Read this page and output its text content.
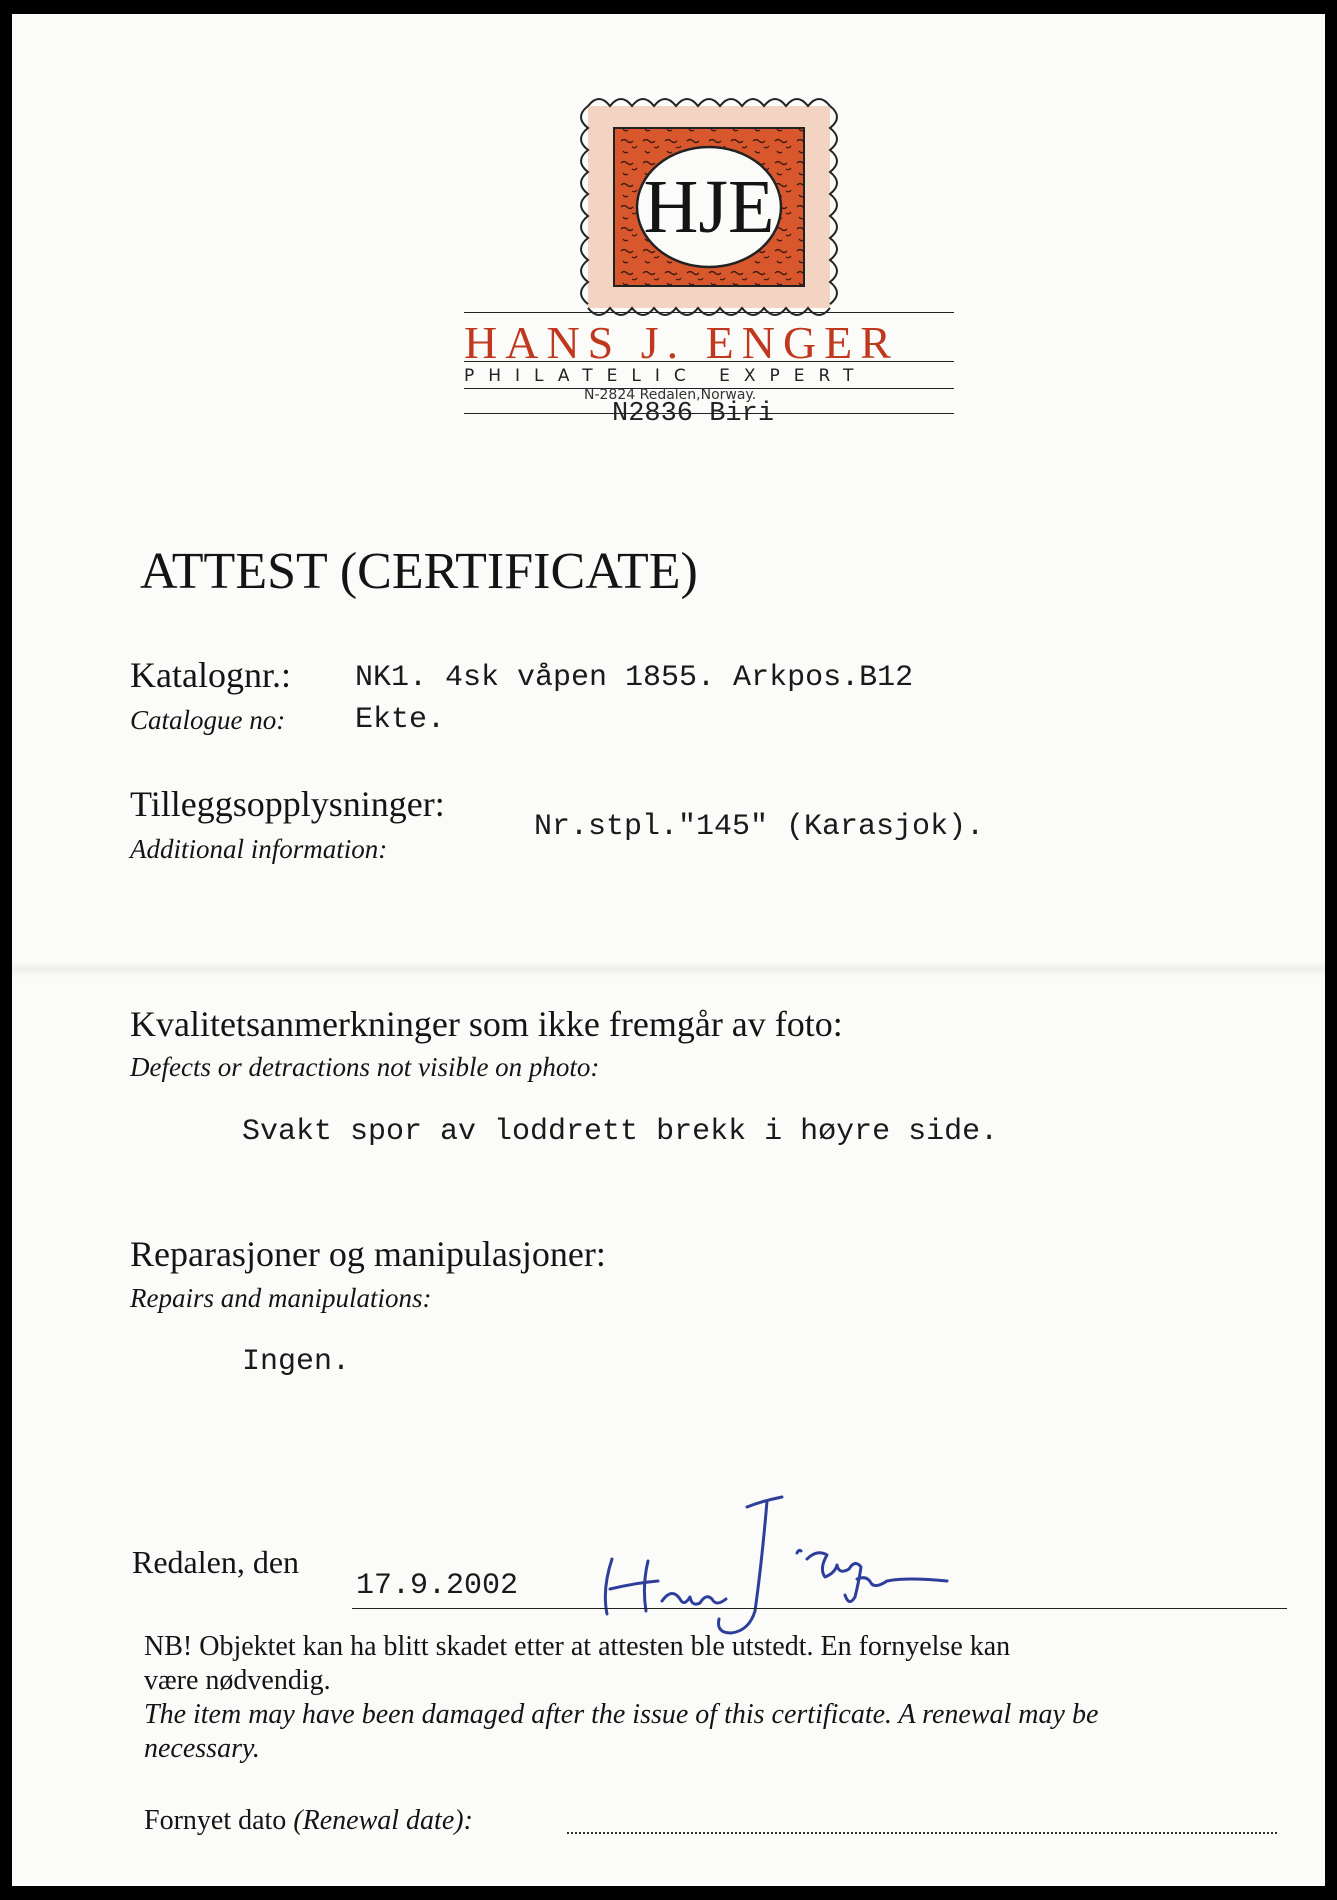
HJE
HANS J. ENGER
PHILATELIC EXPERT
N-2824 Redalen,Norway.
N2836 Biri
ATTEST (CERTIFICATE)
Katalognr.:
Catalogue no:
NK1. 4sk våpen 1855. Arkpos.B12
Ekte.
Tilleggsopplysninger:
Additional information:
Nr.stpl."145" (Karasjok).
Kvalitetsanmerkninger som ikke fremgår av foto:
Defects or detractions not visible on photo:
Svakt spor av loddrett brekk i høyre side.
Reparasjoner og manipulasjoner:
Repairs and manipulations:
Ingen.
Redalen, den
17.9.2002
NB! Objektet kan ha blitt skadet etter at attesten ble utstedt. En fornyelse kan
være nødvendig.
The item may have been damaged after the issue of this certificate. A renewal may be
necessary.
Fornyet dato (Renewal date):
